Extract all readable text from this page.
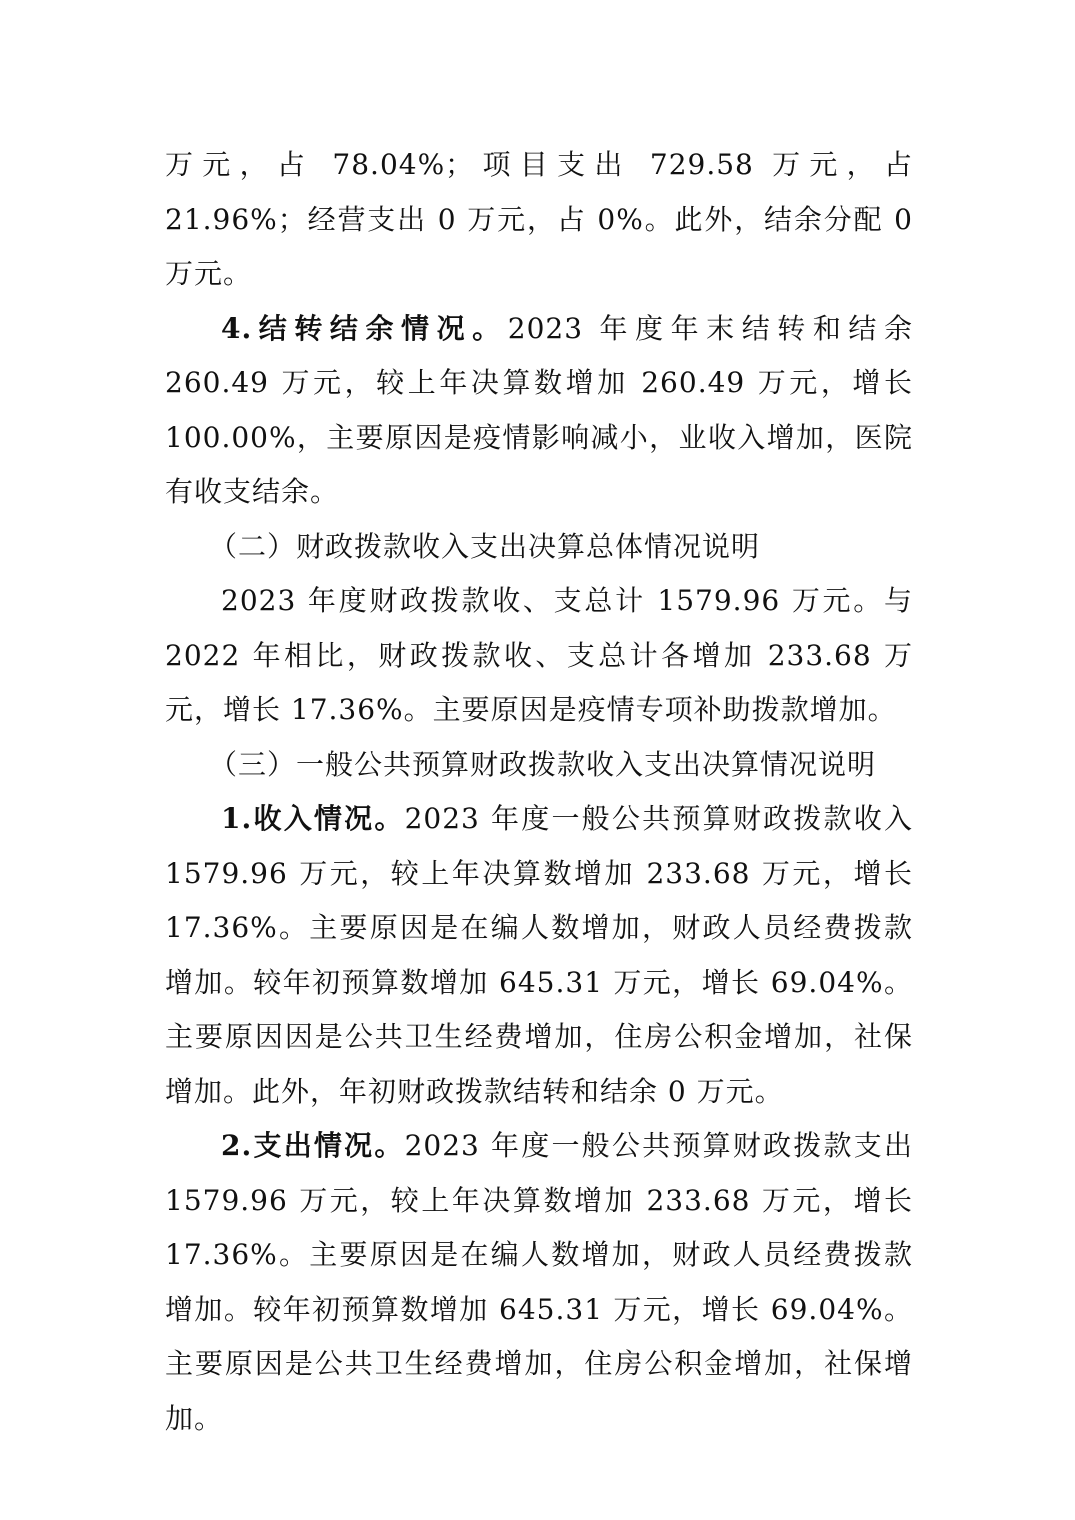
万元，占 78.04%；项目支出 729.58 万元，占 21.96%；经营支出 0 万元，占 0%。此外，结余分配 0 万元。

4.结转结余情况。2023 年度年末结转和结余 260.49 万元，较上年决算数增加 260.49 万元，增长 100.00%，主要原因是疫情影响减小，业收入增加，医院有收支结余。

（二）财政拨款收入支出决算总体情况说明

2023 年度财政拨款收、支总计 1579.96 万元。与 2022 年相比，财政拨款收、支总计各增加 233.68 万元，增长 17.36%。主要原因是疫情专项补助拨款增加。

（三）一般公共预算财政拨款收入支出决算情况说明

1.收入情况。2023 年度一般公共预算财政拨款收入 1579.96 万元，较上年决算数增加 233.68 万元，增长 17.36%。主要原因是在编人数增加，财政人员经费拨款增加。较年初预算数增加 645.31 万元，增长 69.04%。主要原因因是公共卫生经费增加，住房公积金增加，社保增加。此外，年初财政拨款结转和结余 0 万元。

2.支出情况。2023 年度一般公共预算财政拨款支出 1579.96 万元，较上年决算数增加 233.68 万元，增长 17.36%。主要原因是在编人数增加，财政人员经费拨款增加。较年初预算数增加 645.31 万元，增长 69.04%。主要原因是公共卫生经费增加，住房公积金增加，社保增加。
